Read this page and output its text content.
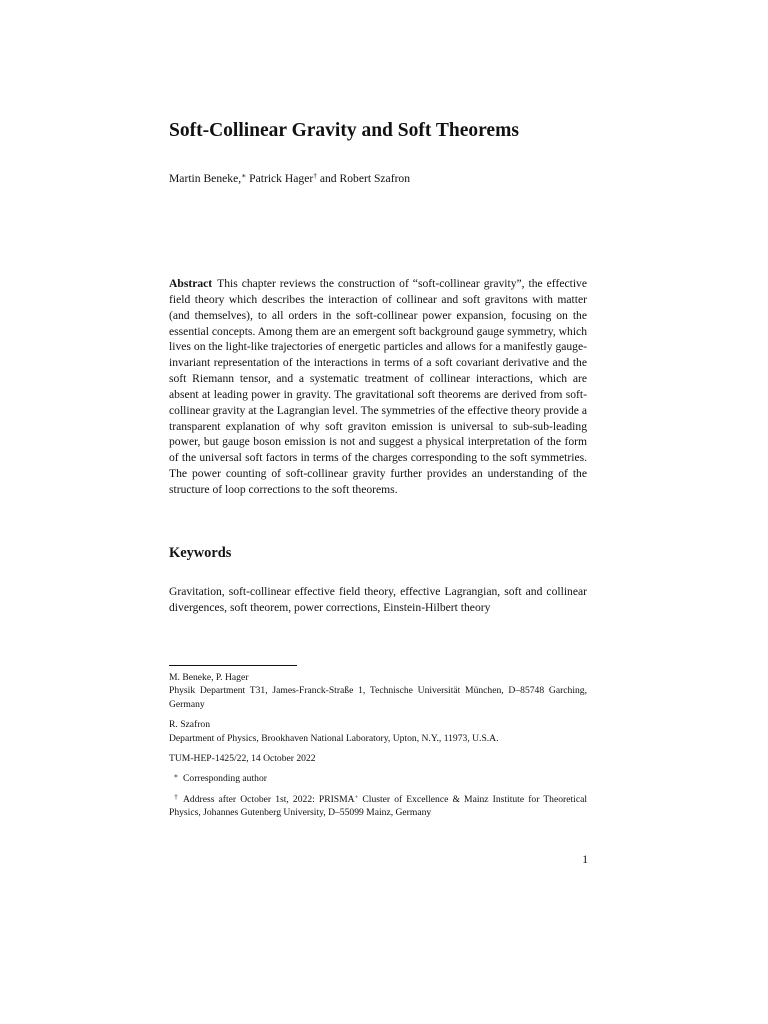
Soft-Collinear Gravity and Soft Theorems
Martin Beneke,∗ Patrick Hager† and Robert Szafron

Abstract This chapter reviews the construction of “soft-collinear gravity”, the effective field theory which describes the interaction of collinear and soft gravitons with matter (and themselves), to all orders in the soft-collinear power expansion, focusing on the essential concepts. Among them are an emergent soft background gauge symmetry, which lives on the light-like trajectories of energetic particles and allows for a manifestly gauge-invariant representation of the interactions in terms of a soft covariant derivative and the soft Riemann tensor, and a systematic treatment of collinear interactions, which are absent at leading power in gravity. The gravitational soft theorems are derived from soft-collinear gravity at the Lagrangian level. The symmetries of the effective theory provide a transparent explanation of why soft graviton emission is universal to sub-sub-leading power, but gauge boson emission is not and suggest a physical interpretation of the form of the universal soft factors in terms of the charges corresponding to the soft symmetries. The power counting of soft-collinear gravity further provides an understanding of the structure of loop corrections to the soft theorems.

Keywords

Gravitation, soft-collinear effective field theory, effective Lagrangian, soft and collinear divergences, soft theorem, power corrections, Einstein-Hilbert theory

M. Beneke, P. Hager

Physik Department T31, James-Franck-Straße 1, Technische Universität München, D–85748 Garching, Germany

R. Szafron

Department of Physics, Brookhaven National Laboratory, Upton, N.Y., 11973, U.S.A.

TUM-HEP-1425/22, 14 October 2022

∗ Corresponding author

† Address after October 1st, 2022: PRISMA+ Cluster of Excellence & Mainz Institute for Theoretical Physics, Johannes Gutenberg University, D–55099 Mainz, Germany

1
